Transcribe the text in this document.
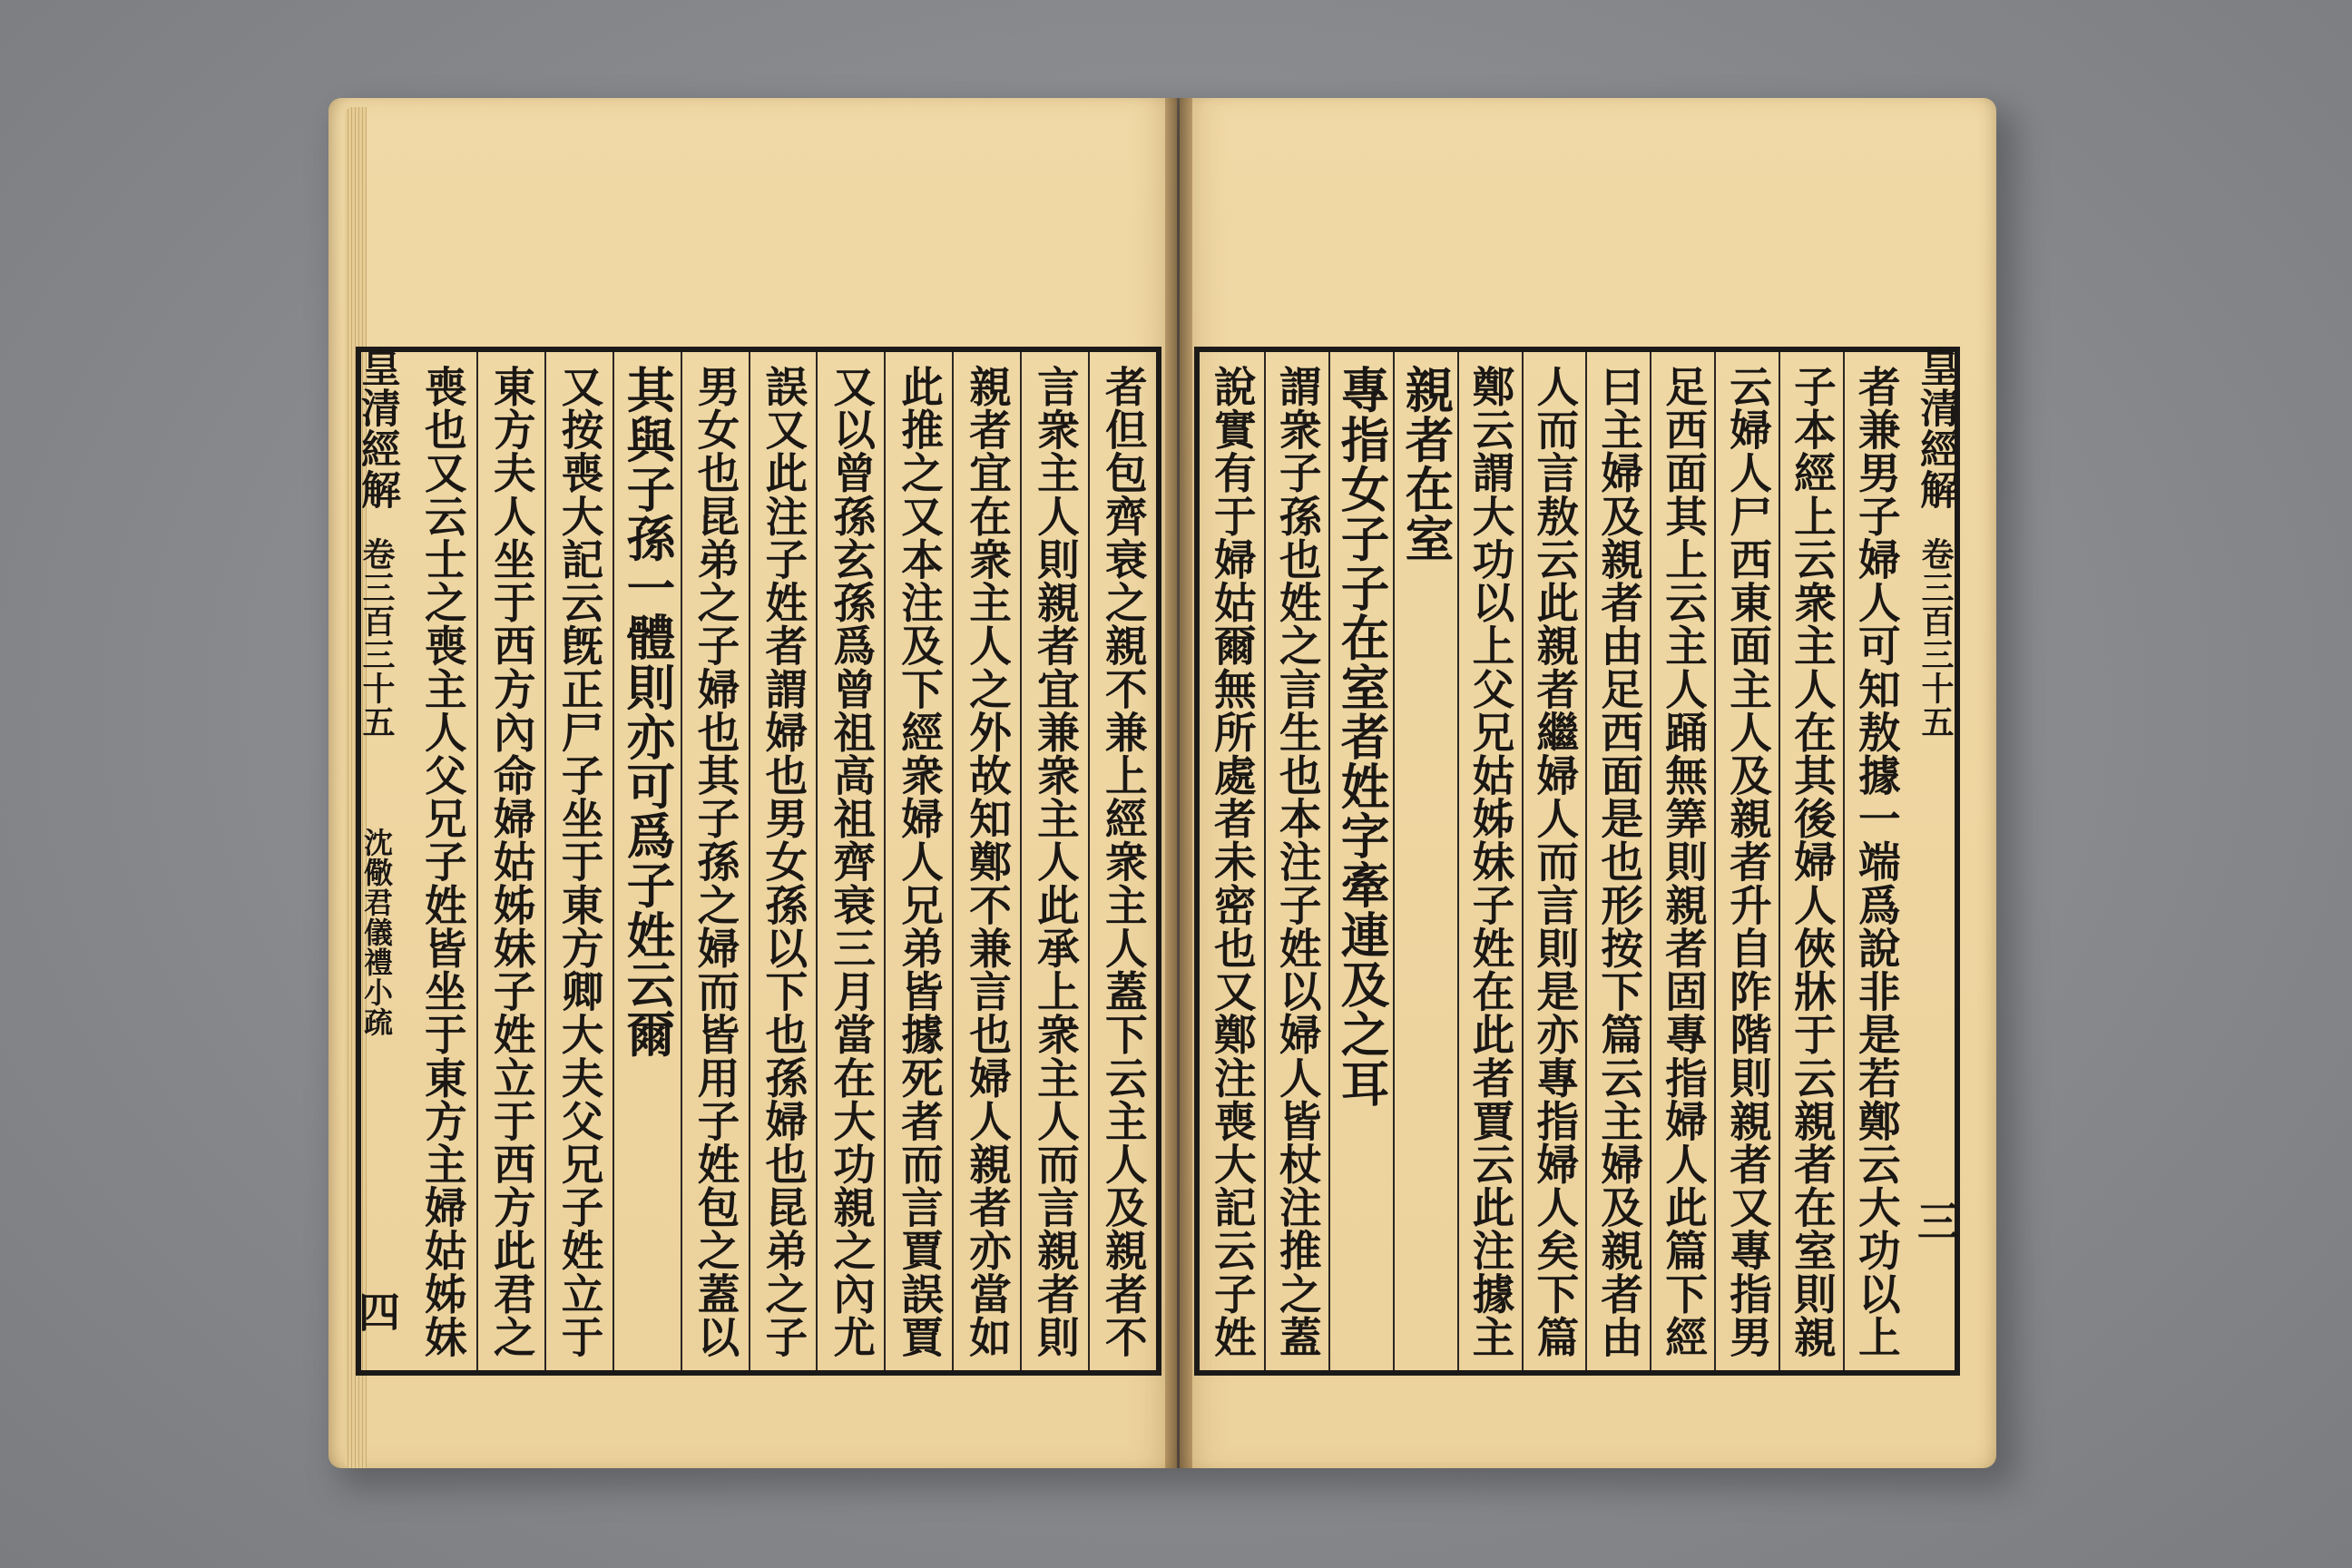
喪也又云士之喪主人父兄子姓皆坐于東方主婦姑姊妹 東方夫人坐于西方內命婦姑姊妹子姓立于西方此君之 又按喪大記云旣正尸子坐于東方卿大夫父兄子姓立于 其與子孫一體則亦可爲子姓云爾 男女也昆弟之子婦也其子孫之婦而皆用子姓包之蓋以 誤又此注子姓者謂婦也男女孫以下也孫婦也昆弟之子 又以曾孫玄孫爲曾祖高祖齊衰三月當在大功親之內尤 此推之又本注及下經衆婦人兄弟皆據死者而言賈誤賈 親者宜在衆主人之外故知鄭不兼言也婦人親者亦當如 言衆主人則親者宜兼衆主人此承上衆主人而言親者則 者但包齊衰之親不兼上經衆主人蓋下云主人及親者不
皇清經解
卷三百三十五
沈儆君儀禮小疏
四	說實有于婦姑爾無所處者未密也又鄭注喪大記云子姓 謂衆子孫也姓之言生也本注子姓以婦人皆杖注推之蓋 專指女子子在室者姓字牽連及之耳 親者在室 鄭云謂大功以上父兄姑姊妹子姓在此者賈云此注據主 人而言敖云此親者繼婦人而言則是亦專指婦人矣下篇 曰主婦及親者由足西面是也形按下篇云主婦及親者由 足西面其上云主人踊無筭則親者固專指婦人此篇下經 云婦人尸西東面主人及親者升自阼階則親者又專指男 子本經上云衆主人在其後婦人俠牀于云親者在室則親 者兼男子婦人可知敖據一端爲說非是若鄭云大功以上 皇清經解
卷三百三十五
三
